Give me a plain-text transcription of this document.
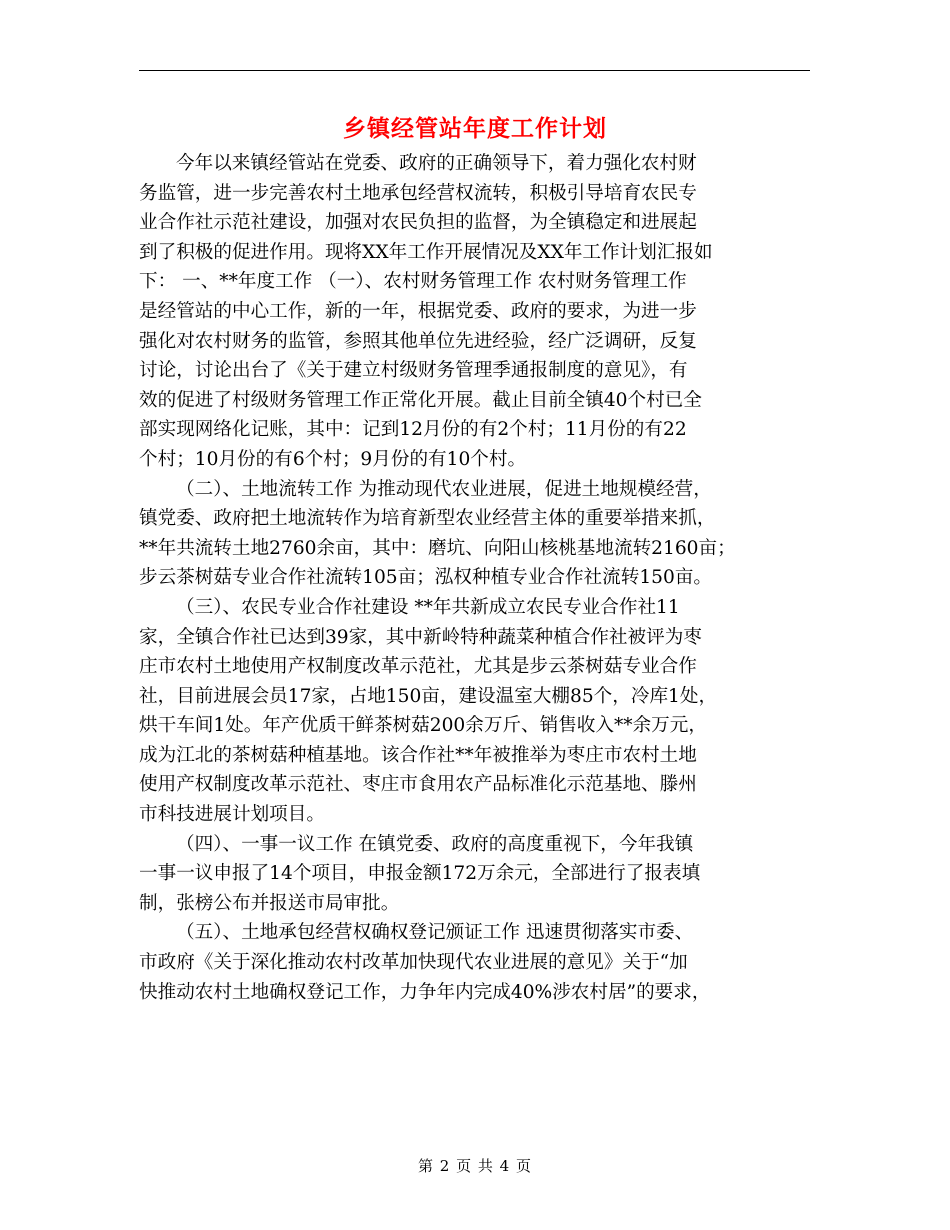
乡镇经管站年度工作计划
今年以来镇经管站在党委、政府的正确领导下，着力强化农村财
务监管，进一步完善农村土地承包经营权流转，积极引导培育农民专
业合作社示范社建设，加强对农民负担的监督，为全镇稳定和进展起
到了积极的促进作用。现将XX年工作开展情况及XX年工作计划汇报如
下： 一、**年度工作 （一）、农村财务管理工作 农村财务管理工作
是经管站的中心工作，新的一年，根据党委、政府的要求，为进一步
强化对农村财务的监管，参照其他单位先进经验，经广泛调研，反复
讨论，讨论出台了《关于建立村级财务管理季通报制度的意见》，有
效的促进了村级财务管理工作正常化开展。截止目前全镇40个村已全
部实现网络化记账，其中：记到12月份的有2个村；11月份的有22
个村；10月份的有6个村；9月份的有10个村。
（二）、土地流转工作 为推动现代农业进展，促进土地规模经营，
镇党委、政府把土地流转作为培育新型农业经营主体的重要举措来抓，
**年共流转土地2760余亩，其中：磨坑、向阳山核桃基地流转2160亩；
步云茶树菇专业合作社流转105亩；泓权种植专业合作社流转150亩。
（三）、农民专业合作社建设 **年共新成立农民专业合作社11
家，全镇合作社已达到39家，其中新岭特种蔬菜种植合作社被评为枣
庄市农村土地使用产权制度改革示范社，尤其是步云茶树菇专业合作
社，目前进展会员17家，占地150亩，建设温室大棚85个，冷库1处，
烘干车间1处。年产优质干鲜茶树菇200余万斤、销售收入**余万元，
成为江北的茶树菇种植基地。该合作社**年被推举为枣庄市农村土地
使用产权制度改革示范社、枣庄市食用农产品标准化示范基地、滕州
市科技进展计划项目。
（四）、一事一议工作 在镇党委、政府的高度重视下，今年我镇
一事一议申报了14个项目，申报金额172万余元，全部进行了报表填
制，张榜公布并报送市局审批。
（五）、土地承包经营权确权登记颁证工作 迅速贯彻落实市委、
市政府《关于深化推动农村改革加快现代农业进展的意见》关于“加
快推动农村土地确权登记工作，力争年内完成40%涉农村居”的要求，
第 2 页 共 4 页
